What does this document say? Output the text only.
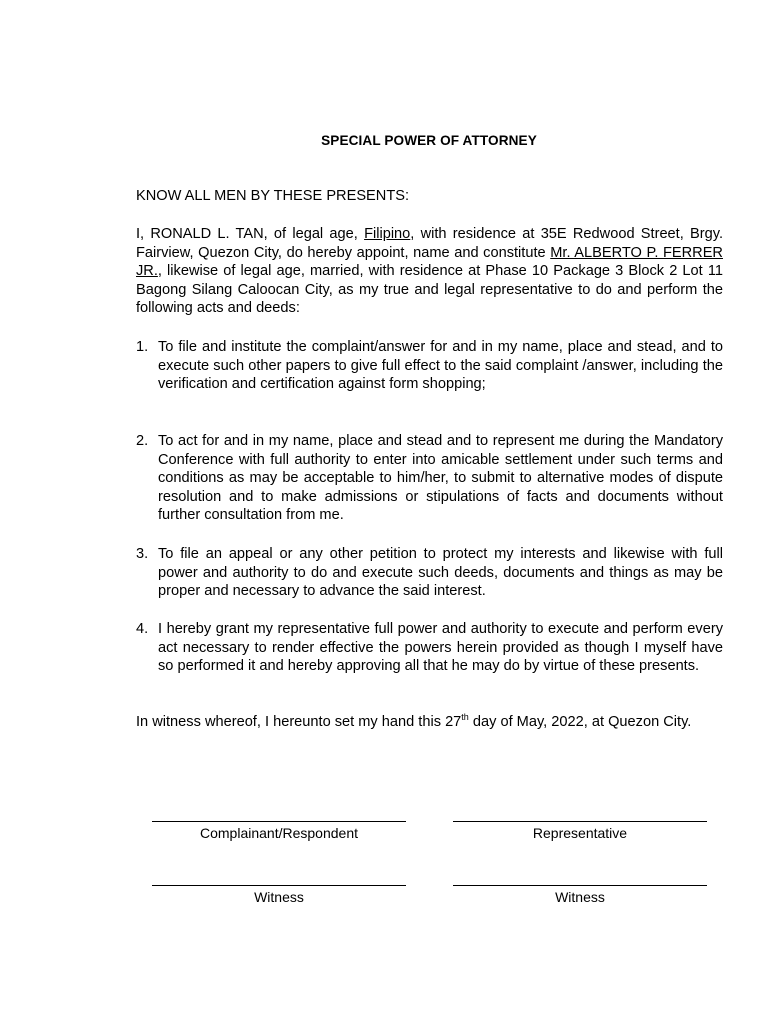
SPECIAL POWER OF ATTORNEY
KNOW ALL MEN BY THESE PRESENTS:
I, RONALD L. TAN, of legal age, Filipino, with residence at 35E Redwood Street, Brgy. Fairview, Quezon City, do hereby appoint, name and constitute Mr. ALBERTO P. FERRER JR., likewise of legal age, married, with residence at Phase 10 Package 3 Block 2 Lot 11 Bagong Silang Caloocan City, as my true and legal representative to do and perform the following acts and deeds:
1. To file and institute the complaint/answer for and in my name, place and stead, and to execute such other papers to give full effect to the said complaint /answer, including the verification and certification against form shopping;
2. To act for and in my name, place and stead and to represent me during the Mandatory Conference with full authority to enter into amicable settlement under such terms and conditions as may be acceptable to him/her, to submit to alternative modes of dispute resolution and to make admissions or stipulations of facts and documents without further consultation from me.
3. To file an appeal or any other petition to protect my interests and likewise with full power and authority to do and execute such deeds, documents and things as may be proper and necessary to advance the said interest.
4. I hereby grant my representative full power and authority to execute and perform every act necessary to render effective the powers herein provided as though I myself have so performed it and hereby approving all that he may do by virtue of these presents.
In witness whereof, I hereunto set my hand this 27th day of May, 2022, at Quezon City.
Complainant/Respondent	Representative
Witness	Witness
